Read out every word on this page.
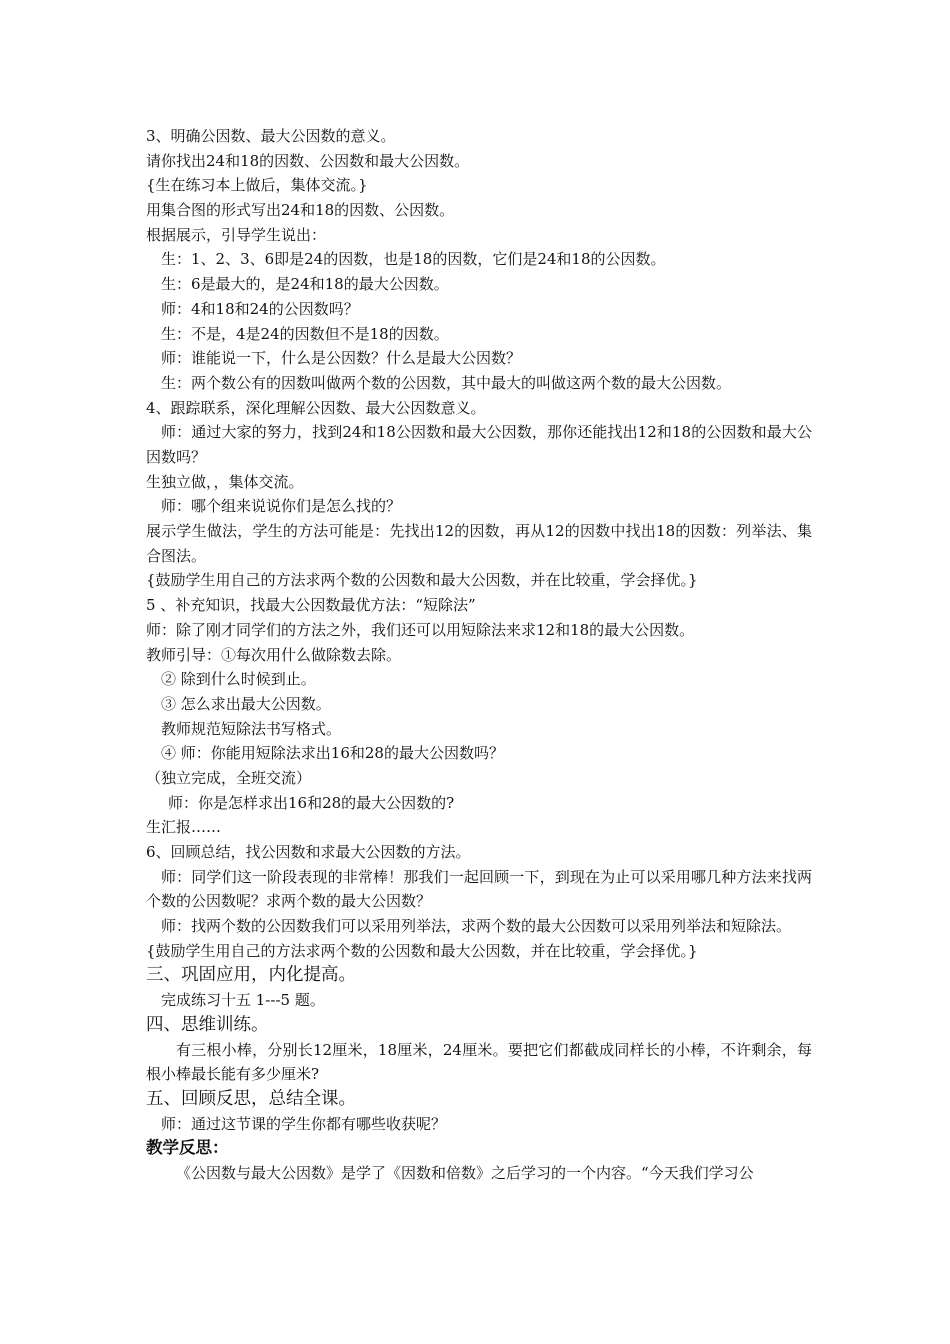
3、明确公因数、最大公因数的意义。
请你找出24和18的因数、公因数和最大公因数。
{生在练习本上做后，集体交流。}
用集合图的形式写出24和18的因数、公因数。
根据展示，引导学生说出：
生：1、2、3、6即是24的因数，也是18的因数，它们是24和18的公因数。
生：6是最大的，是24和18的最大公因数。
师：4和18和24的公因数吗？
生：不是，4是24的因数但不是18的因数。
师：谁能说一下，什么是公因数？什么是最大公因数？
生：两个数公有的因数叫做两个数的公因数，其中最大的叫做这两个数的最大公因数。
4、跟踪联系，深化理解公因数、最大公因数意义。
师：通过大家的努力，找到24和18公因数和最大公因数，那你还能找出12和18的公因数和最大公因数吗？
生独立做，，集体交流。
师：哪个组来说说你们是怎么找的？
展示学生做法，学生的方法可能是：先找出12的因数，再从12的因数中找出18的因数：列举法、集合图法。
{鼓励学生用自己的方法求两个数的公因数和最大公因数，并在比较重，学会择优。}
5 、补充知识，找最大公因数最优方法：“短除法”
师：除了刚才同学们的方法之外，我们还可以用短除法来求12和18的最大公因数。
教师引导：①每次用什么做除数去除。
② 除到什么时候到止。
③ 怎么求出最大公因数。
教师规范短除法书写格式。
④ 师：你能用短除法求出16和28的最大公因数吗？
（独立完成，全班交流）
师：你是怎样求出16和28的最大公因数的?
生汇报……
6、回顾总结，找公因数和求最大公因数的方法。
师：同学们这一阶段表现的非常棒！那我们一起回顾一下，到现在为止可以采用哪几种方法来找两个数的公因数呢？求两个数的最大公因数？
师：找两个数的公因数我们可以采用列举法，求两个数的最大公因数可以采用列举法和短除法。
{鼓励学生用自己的方法求两个数的公因数和最大公因数，并在比较重，学会择优。}
三、巩固应用，内化提高。
完成练习十五 1---5 题。
四、思维训练。
有三根小棒，分别长12厘米，18厘米，24厘米。要把它们都截成同样长的小棒，不许剩余，每根小棒最长能有多少厘米?
五、回顾反思，总结全课。
师：通过这节课的学生你都有哪些收获呢？
教学反思：
《公因数与最大公因数》是学了《因数和倍数》之后学习的一个内容。“今天我们学习公
